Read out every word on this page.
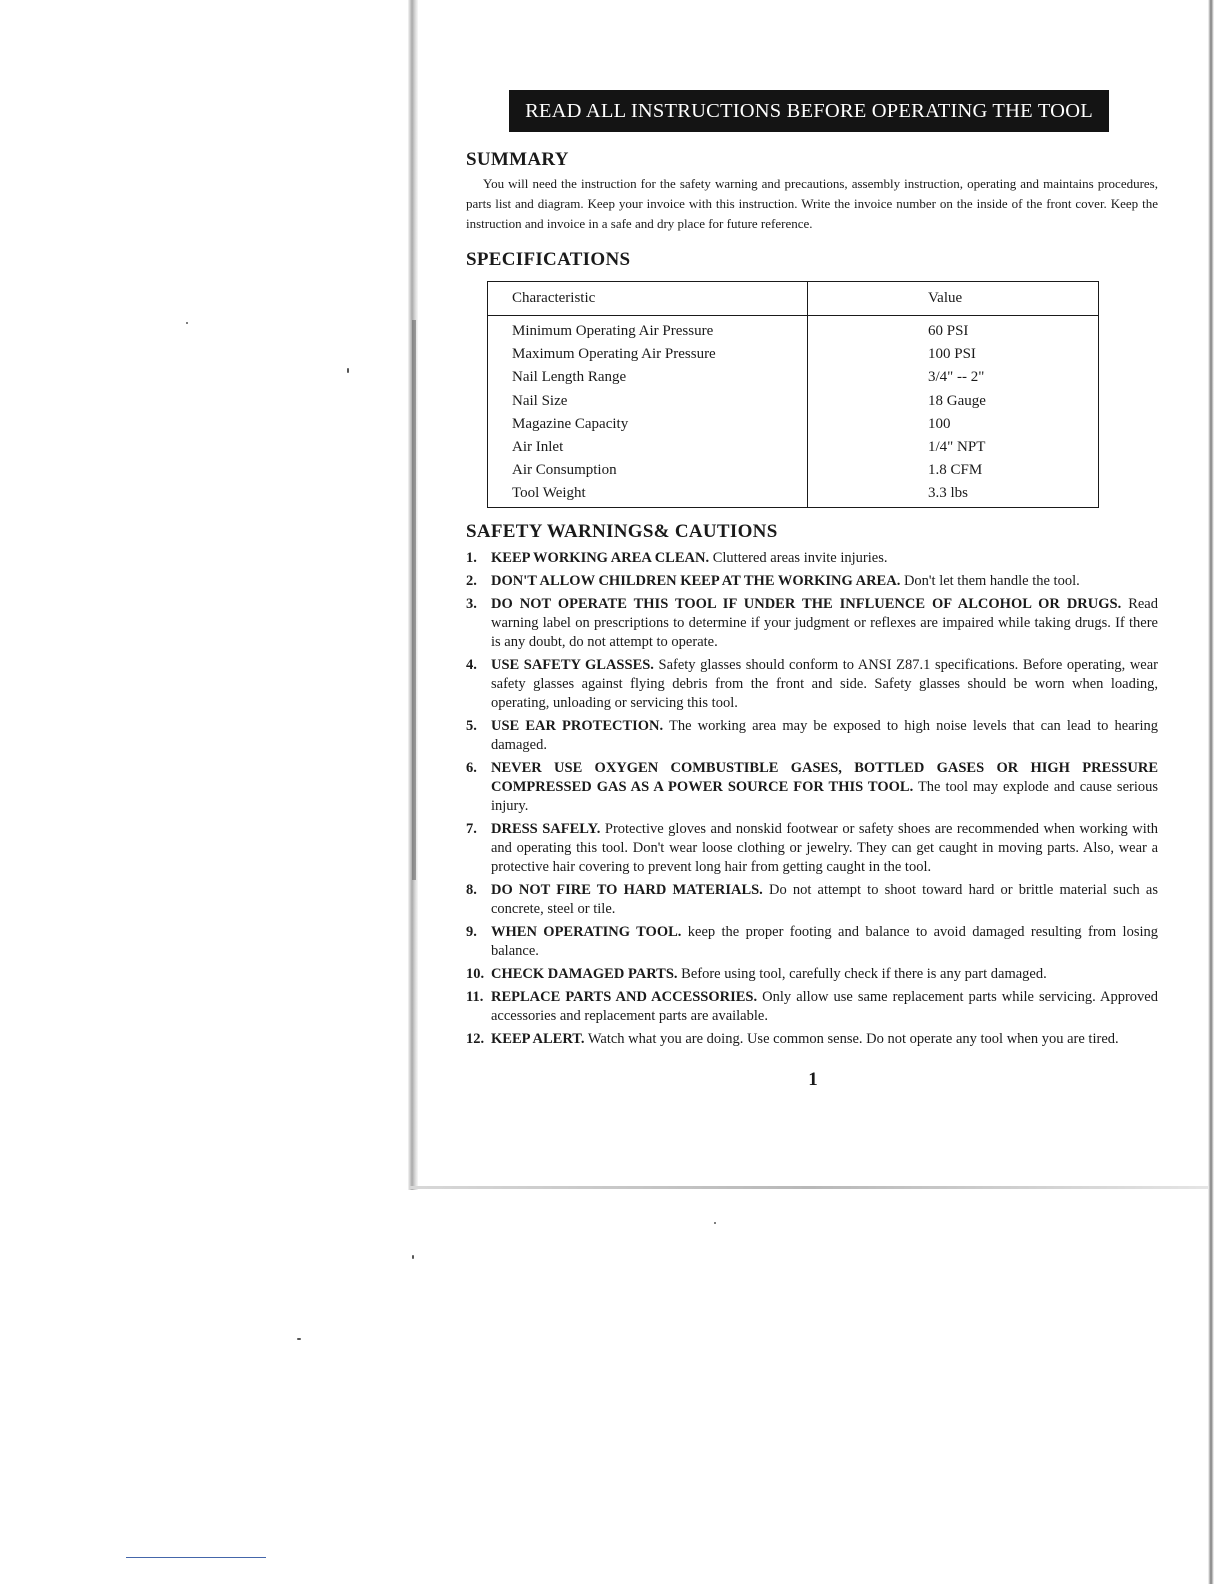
READ ALL INSTRUCTIONS BEFORE OPERATING THE TOOL
SUMMARY

You will need the instruction for the safety warning and precautions, assembly instruction, operating and maintains procedures, parts list and diagram. Keep your invoice with this instruction. Write the invoice number on the inside of the front cover. Keep the instruction and invoice in a safe and dry place for future reference.

SPECIFICATIONS
Characteristic	Value
Minimum Operating Air Pressure	60 PSI
Maximum Operating Air Pressure	100 PSI
Nail Length Range	3/4" -- 2"
Nail Size	18 Gauge
Magazine Capacity	100
Air Inlet	1/4" NPT
Air Consumption	1.8 CFM
Tool Weight	3.3 lbs
SAFETY WARNINGS& CAUTIONS
1. KEEP WORKING AREA CLEAN. Cluttered areas invite injuries.
2. DON'T ALLOW CHILDREN KEEP AT THE WORKING AREA. Don't let them handle the tool.
3. DO NOT OPERATE THIS TOOL IF UNDER THE INFLUENCE OF ALCOHOL OR DRUGS. Read warning label on prescriptions to determine if your judgment or reflexes are impaired while taking drugs. If there is any doubt, do not attempt to operate.
4. USE SAFETY GLASSES. Safety glasses should conform to ANSI Z87.1 specifications. Before operating, wear safety glasses against flying debris from the front and side. Safety glasses should be worn when loading, operating, unloading or servicing this tool.
5. USE EAR PROTECTION. The working area may be exposed to high noise levels that can lead to hearing damaged.
6. NEVER USE OXYGEN COMBUSTIBLE GASES, BOTTLED GASES OR HIGH PRESSURE COMPRESSED GAS AS A POWER SOURCE FOR THIS TOOL. The tool may explode and cause serious injury.
7. DRESS SAFELY. Protective gloves and nonskid footwear or safety shoes are recommended when working with and operating this tool. Don't wear loose clothing or jewelry. They can get caught in moving parts. Also, wear a protective hair covering to prevent long hair from getting caught in the tool.
8. DO NOT FIRE TO HARD MATERIALS. Do not attempt to shoot toward hard or brittle material such as concrete, steel or tile.
9. WHEN OPERATING TOOL. keep the proper footing and balance to avoid damaged resulting from losing balance.
10. CHECK DAMAGED PARTS. Before using tool, carefully check if there is any part damaged.
11. REPLACE PARTS AND ACCESSORIES. Only allow use same replacement parts while servicing. Approved accessories and replacement parts are available.
12. KEEP ALERT. Watch what you are doing. Use common sense. Do not operate any tool when you are tired.
1
